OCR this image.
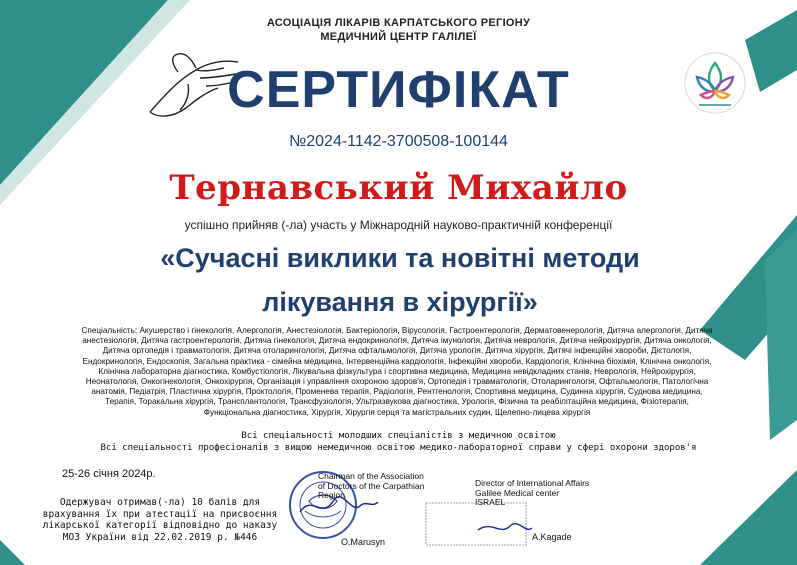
АСОЦІАЦІЯ ЛІКАРІВ КАРПАТСЬКОГО РЕГІОНУ
МЕДИЧНИЙ ЦЕНТР ГАЛІЛЕЇ
СЕРТИФІКАТ
№2024-1142-3700508-100144
Тернавський Михайло
успішно прийняв (-ла) участь у Міжнародній науково-практичній конференції
«Сучасні виклики та новітні методи
лікування в хірургії»
Спеціальність: Акушерство і гінекологія, Алергологія, Анестезіологія, Бактеріологія, Вірусологія, Гастроентерологія, Дерматовенерологія, Дитяча алергологія, Дитяча
анестезіологія, Дитяча гастроентерологія, Дитяча гінекологія, Дитяча ендокринологія, Дитяча імунологія, Дитяча неврологія, Дитяча нейрохірургія, Дитяча онкологія,
Дитяча ортопедія і травматологія, Дитяча отоларингологія, Дитяча офтальмологія, Дитяча урологія, Дитяча хірургія, Дитячі інфекційні хвороби, Дієтологія,
Ендокринологія, Ендоскопія, Загальна практика - сімейна медицина, Інтервенційна кардіологія, Інфекційні хвороби, Кардіологія, Клінічна біохімія, Клінічна онкологія,
Клінічна лабораторна діагностика, Комбустіологія, Лікувальна фізкультура і спортивна медицина, Медицина невідкладних станів, Неврологія, Нейрохірургія,
Неонатологія, Онкогінекологія, Онкохірургія, Організація і управління охороною здоров'я, Ортопедія і травматологія, Отоларингологія, Офтальмологія, Патологічна
анатомія, Педіатрія, Пластична хірургія, Проктологія, Променева терапія, Радіологія, Рентгенологія, Спортивна медицина, Судинна хірургія, Суднова медицина,
Терапія, Торакальна хірургія, Трансплантологія, Трансфузіологія, Ультразвукова діагностика, Урологія, Фізична та реабілітаційна медицина, Фізіотерапія,
Функціональна діагностика, Хірургія, Хірургія серця та магістральних судин, Щелепно-лицева хірургія
Всі спеціальності молодших спеціалістів з медичною освітою
Всі спеціальності професіоналів з вищою немедичною освітою медико-лабораторної справи у сфері охорони здоров'я
25-26 січня 2024р.
Одержувач отримав(-ла) 10 балів для
врахування їх при атестації на присвоєння
лікарської категорії відповідно до наказу
МОЗ України від 22.02.2019 р. №446
Chairman of the Association
of Doctors of the Carpathian
Region
O.Marusyn
Director of International Affairs
Galilee Medical center
ISRAEL
A.Kagade
